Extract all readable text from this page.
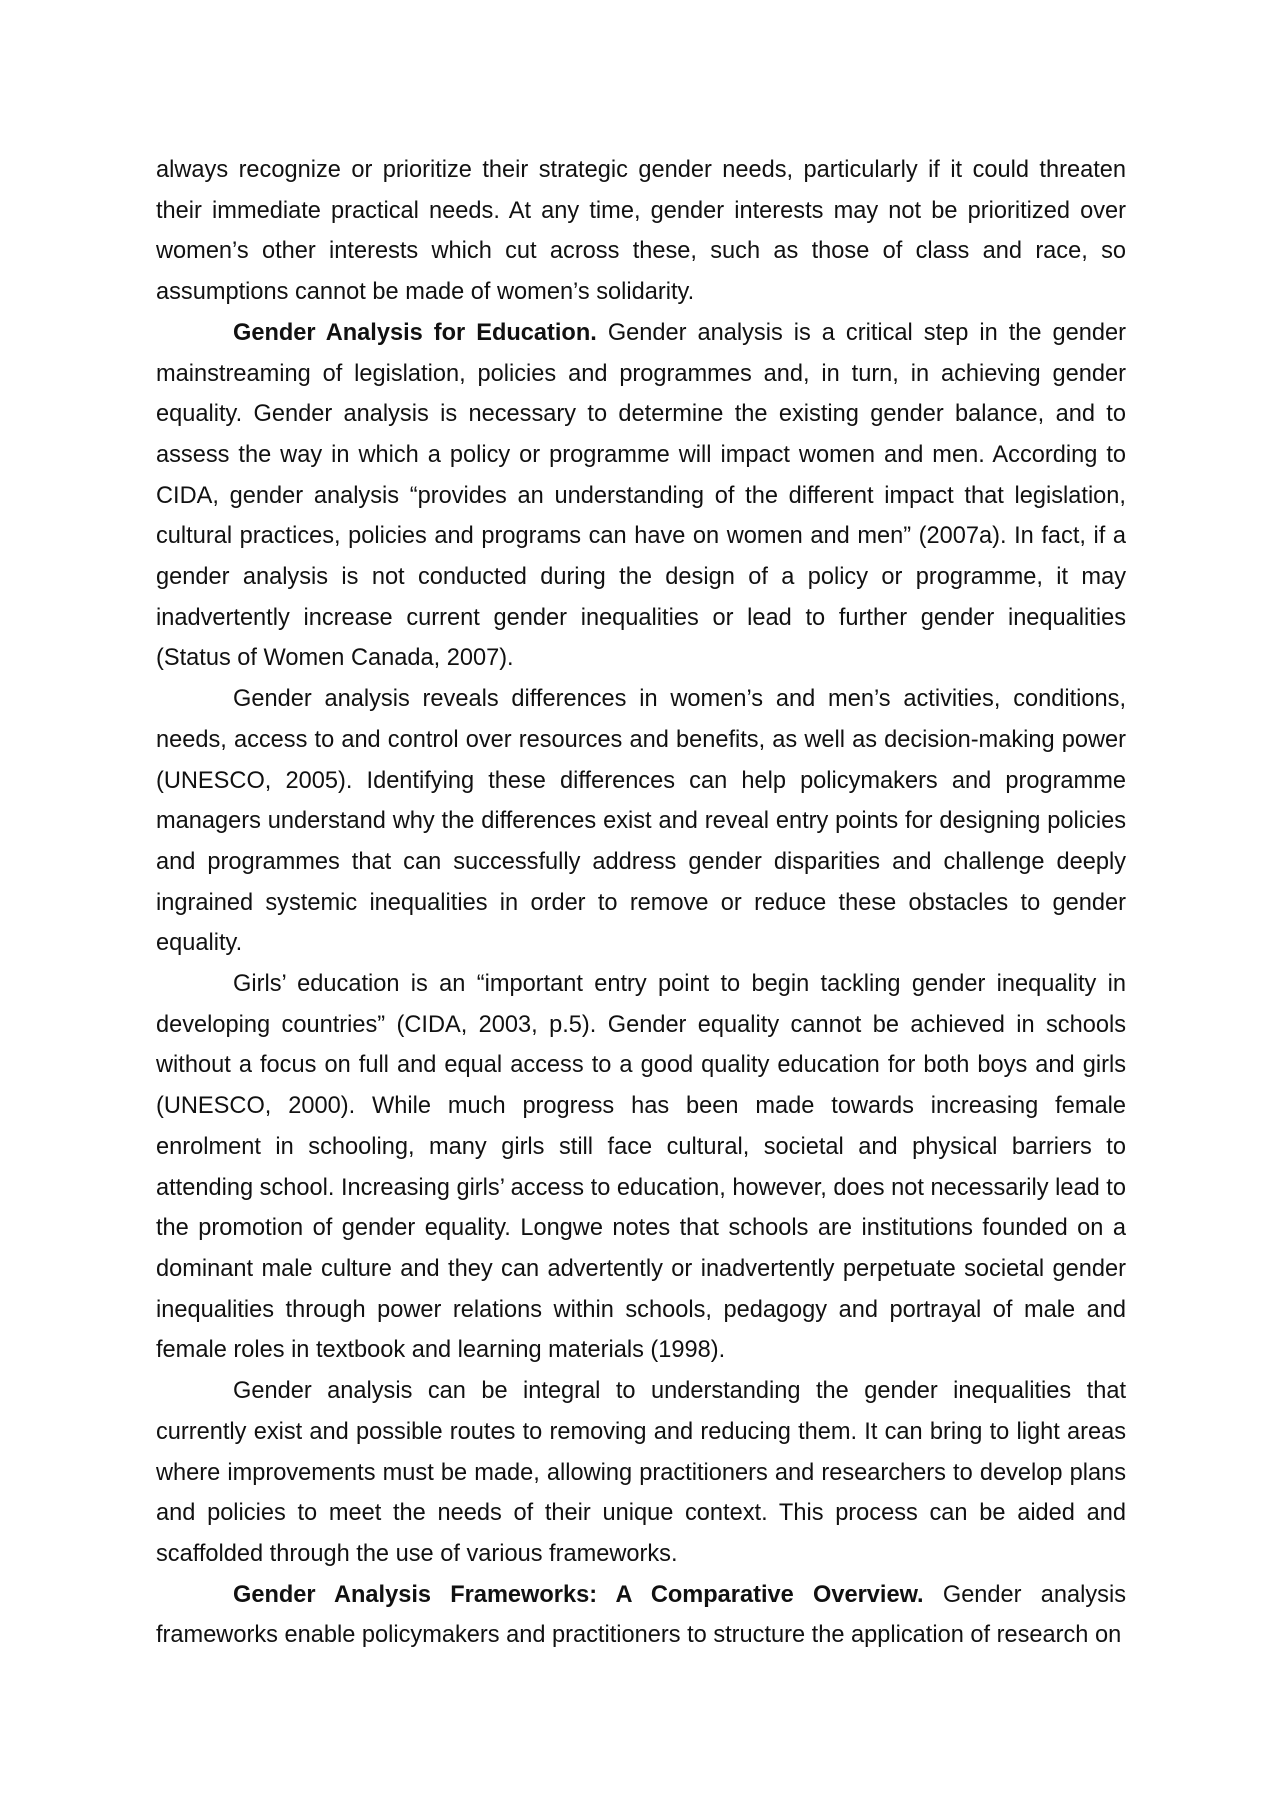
always recognize or prioritize their strategic gender needs, particularly if it could threaten their immediate practical needs. At any time, gender interests may not be prioritized over women’s other interests which cut across these, such as those of class and race, so assumptions cannot be made of women’s solidarity.

Gender Analysis for Education. Gender analysis is a critical step in the gender mainstreaming of legislation, policies and programmes and, in turn, in achieving gender equality. Gender analysis is necessary to determine the existing gender balance, and to assess the way in which a policy or programme will impact women and men. According to CIDA, gender analysis “provides an understanding of the different impact that legislation, cultural practices, policies and programs can have on women and men” (2007a). In fact, if a gender analysis is not conducted during the design of a policy or programme, it may inadvertently increase current gender inequalities or lead to further gender inequalities (Status of Women Canada, 2007).

Gender analysis reveals differences in women’s and men’s activities, conditions, needs, access to and control over resources and benefits, as well as decision-making power (UNESCO, 2005). Identifying these differences can help policymakers and programme managers understand why the differences exist and reveal entry points for designing policies and programmes that can successfully address gender disparities and challenge deeply ingrained systemic inequalities in order to remove or reduce these obstacles to gender equality.

Girls’ education is an “important entry point to begin tackling gender inequality in developing countries” (CIDA, 2003, p.5). Gender equality cannot be achieved in schools without a focus on full and equal access to a good quality education for both boys and girls (UNESCO, 2000). While much progress has been made towards increasing female enrolment in schooling, many girls still face cultural, societal and physical barriers to attending school. Increasing girls’ access to education, however, does not necessarily lead to the promotion of gender equality. Longwe notes that schools are institutions founded on a dominant male culture and they can advertently or inadvertently perpetuate societal gender inequalities through power relations within schools, pedagogy and portrayal of male and female roles in textbook and learning materials (1998).

Gender analysis can be integral to understanding the gender inequalities that currently exist and possible routes to removing and reducing them. It can bring to light areas where improvements must be made, allowing practitioners and researchers to develop plans and policies to meet the needs of their unique context. This process can be aided and scaffolded through the use of various frameworks.

Gender Analysis Frameworks: A Comparative Overview. Gender analysis frameworks enable policymakers and practitioners to structure the application of research on
